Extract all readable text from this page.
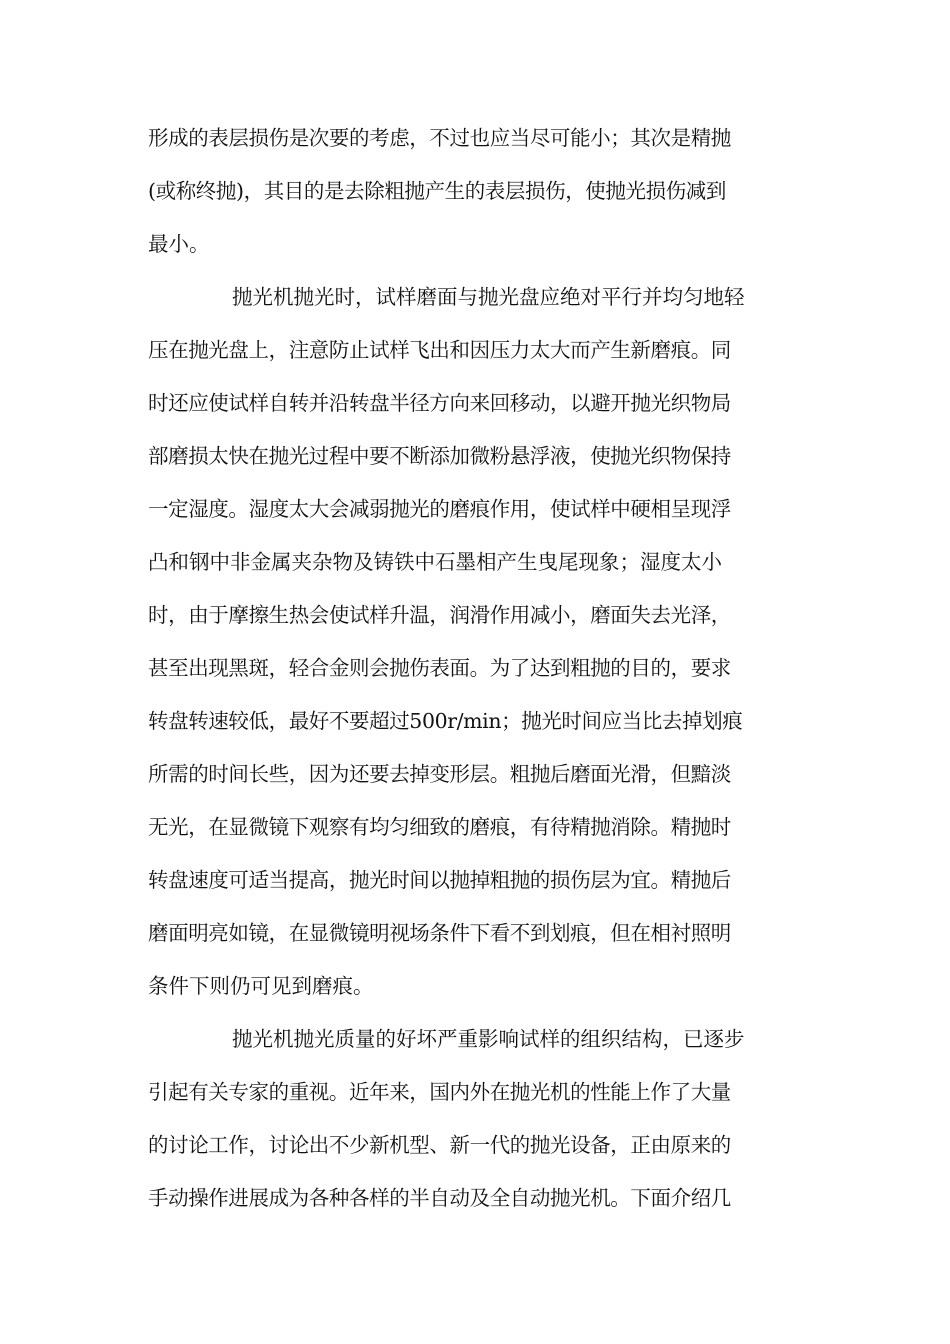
形成的表层损伤是次要的考虑，不过也应当尽可能小；其次是精抛
(或称终抛)，其目的是去除粗抛产生的表层损伤，使抛光损伤减到
最小。
抛光机抛光时，试样磨面与抛光盘应绝对平行并均匀地轻
压在抛光盘上，注意防止试样飞出和因压力太大而产生新磨痕。同
时还应使试样自转并沿转盘半径方向来回移动，以避开抛光织物局
部磨损太快在抛光过程中要不断添加微粉悬浮液，使抛光织物保持
一定湿度。湿度太大会减弱抛光的磨痕作用，使试样中硬相呈现浮
凸和钢中非金属夹杂物及铸铁中石墨相产生曳尾现象；湿度太小
时，由于摩擦生热会使试样升温，润滑作用减小，磨面失去光泽，
甚至出现黑斑，轻合金则会抛伤表面。为了达到粗抛的目的，要求
转盘转速较低，最好不要超过500r/min；抛光时间应当比去掉划痕
所需的时间长些，因为还要去掉变形层。粗抛后磨面光滑，但黯淡
无光，在显微镜下观察有均匀细致的磨痕，有待精抛消除。精抛时
转盘速度可适当提高，抛光时间以抛掉粗抛的损伤层为宜。精抛后
磨面明亮如镜，在显微镜明视场条件下看不到划痕，但在相衬照明
条件下则仍可见到磨痕。
抛光机抛光质量的好坏严重影响试样的组织结构，已逐步
引起有关专家的重视。近年来，国内外在抛光机的性能上作了大量
的讨论工作，讨论出不少新机型、新一代的抛光设备，正由原来的
手动操作进展成为各种各样的半自动及全自动抛光机。下面介绍几
